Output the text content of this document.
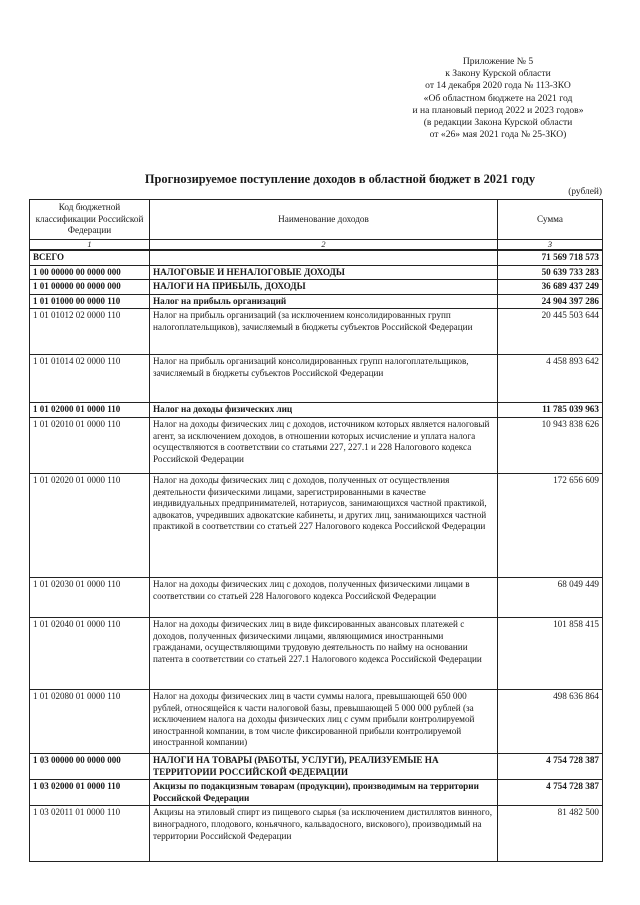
Приложение № 5
к Закону Курской области
от 14 декабря 2020 года № 113-ЗКО
«Об областном бюджете на 2021 год
и на плановый период 2022 и 2023 годов»
(в редакции Закона Курской области
от «26» мая 2021 года № 25-ЗКО)
Прогнозируемое поступление доходов в областной бюджет в 2021 году
(рублей)
Код бюджетной классификации Российской Федерации	Наименование доходов	Сумма
1	2	3
ВСЕГО		71 569 718 573
1 00 00000 00 0000 000	НАЛОГОВЫЕ И НЕНАЛОГОВЫЕ ДОХОДЫ	50 639 733 283
1 01 00000 00 0000 000	НАЛОГИ НА ПРИБЫЛЬ, ДОХОДЫ	36 689 437 249
1 01 01000 00 0000 110	Налог на прибыль организаций	24 904 397 286
1 01 01012 02 0000 110	Налог на прибыль организаций (за исключением консолидированных групп налогоплательщиков), зачисляемый в бюджеты субъектов Российской Федерации	20 445 503 644
1 01 01014 02 0000 110	Налог на прибыль организаций консолидированных групп налогоплательщиков, зачисляемый в бюджеты субъектов Российской Федерации	4 458 893 642
1 01 02000 01 0000 110	Налог на доходы физических лиц	11 785 039 963
1 01 02010 01 0000 110	Налог на доходы физических лиц с доходов, источником которых является налоговый агент, за исключением доходов, в отношении которых исчисление и уплата налога осуществляются в соответствии со статьями 227, 227.1 и 228 Налогового кодекса Российской Федерации	10 943 838 626
1 01 02020 01 0000 110	Налог на доходы физических лиц с доходов, полученных от осуществления деятельности физическими лицами, зарегистрированными в качестве индивидуальных предпринимателей, нотариусов, занимающихся частной практикой, адвокатов, учредивших адвокатские кабинеты, и других лиц, занимающихся частной практикой в соответствии со статьей 227 Налогового кодекса Российской Федерации	172 656 609
1 01 02030 01 0000 110	Налог на доходы физических лиц с доходов, полученных физическими лицами в соответствии со статьей 228 Налогового кодекса Российской Федерации	68 049 449
1 01 02040 01 0000 110	Налог на доходы физических лиц в виде фиксированных авансовых платежей с доходов, полученных физическими лицами, являющимися иностранными гражданами, осуществляющими трудовую деятельность по найму на основании патента в соответствии со статьей 227.1 Налогового кодекса Российской Федерации	101 858 415
1 01 02080 01 0000 110	Налог на доходы физических лиц в части суммы налога, превышающей 650 000 рублей, относящейся к части налоговой базы, превышающей 5 000 000 рублей (за исключением налога на доходы физических лиц с сумм прибыли контролируемой иностранной компании, в том числе фиксированной прибыли контролируемой иностранной компании)	498 636 864
1 03 00000 00 0000 000	НАЛОГИ НА ТОВАРЫ (РАБОТЫ, УСЛУГИ), РЕАЛИЗУЕМЫЕ НА ТЕРРИТОРИИ РОССИЙСКОЙ ФЕДЕРАЦИИ	4 754 728 387
1 03 02000 01 0000 110	Акцизы по подакцизным товарам (продукции), производимым на территории Российской Федерации	4 754 728 387
1 03 02011 01 0000 110	Акцизы на этиловый спирт из пищевого сырья (за исключением дистиллятов винного, виноградного, плодового, коньячного, кальвадосного, вискового), производимый на территории Российской Федерации	81 482 500
